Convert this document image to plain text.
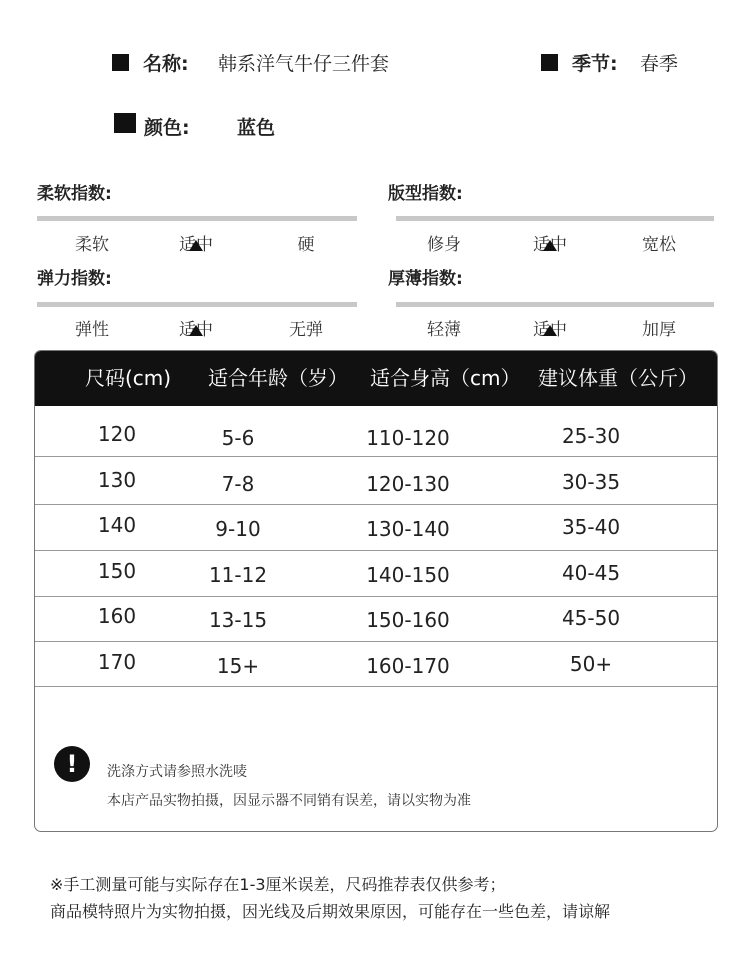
名称: 韩系洋气牛仔三件套	季节: 春季
颜色: 蓝色
柔软指数:
柔软	适中	硬
版型指数:
修身	适中	宽松
弹力指数:
弹性	适中	无弹
厚薄指数:
轻薄	适中	加厚
尺码(cm) 适合年龄（岁） 适合身高（cm） 建议体重（公斤）
120	5-6	110-120	25-30
130	7-8	120-130	30-35
140	9-10	130-140	35-40
150	11-12	140-150	40-45
160	13-15	150-160	45-50
170	15+	160-170	50+
!	洗涤方式请参照水洗唛
本店产品实物拍摄，因显示器不同销有误差，请以实物为准
※手工测量可能与实际存在1-3厘米误差，尺码推荐表仅供参考；
商品模特照片为实物拍摄，因光线及后期效果原因，可能存在一些色差，请谅解
